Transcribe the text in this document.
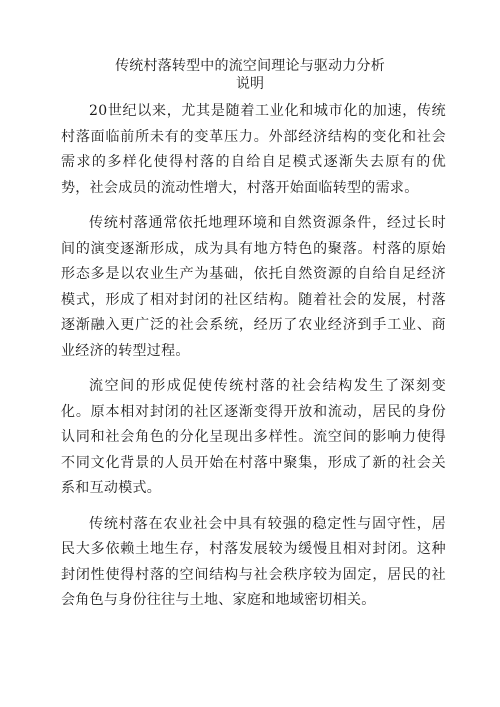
传统村落转型中的流空间理论与驱动力分析
说明

20世纪以来，尤其是随着工业化和城市化的加速，传统村落面临前所未有的变革压力。外部经济结构的变化和社会需求的多样化使得村落的自给自足模式逐渐失去原有的优势，社会成员的流动性增大，村落开始面临转型的需求。

传统村落通常依托地理环境和自然资源条件，经过长时间的演变逐渐形成，成为具有地方特色的聚落。村落的原始形态多是以农业生产为基础，依托自然资源的自给自足经济模式，形成了相对封闭的社区结构。随着社会的发展，村落逐渐融入更广泛的社会系统，经历了农业经济到手工业、商业经济的转型过程。

流空间的形成促使传统村落的社会结构发生了深刻变化。原本相对封闭的社区逐渐变得开放和流动，居民的身份认同和社会角色的分化呈现出多样性。流空间的影响力使得不同文化背景的人员开始在村落中聚集，形成了新的社会关系和互动模式。

传统村落在农业社会中具有较强的稳定性与固守性，居民大多依赖土地生存，村落发展较为缓慢且相对封闭。这种封闭性使得村落的空间结构与社会秩序较为固定，居民的社会角色与身份往往与土地、家庭和地域密切相关。
